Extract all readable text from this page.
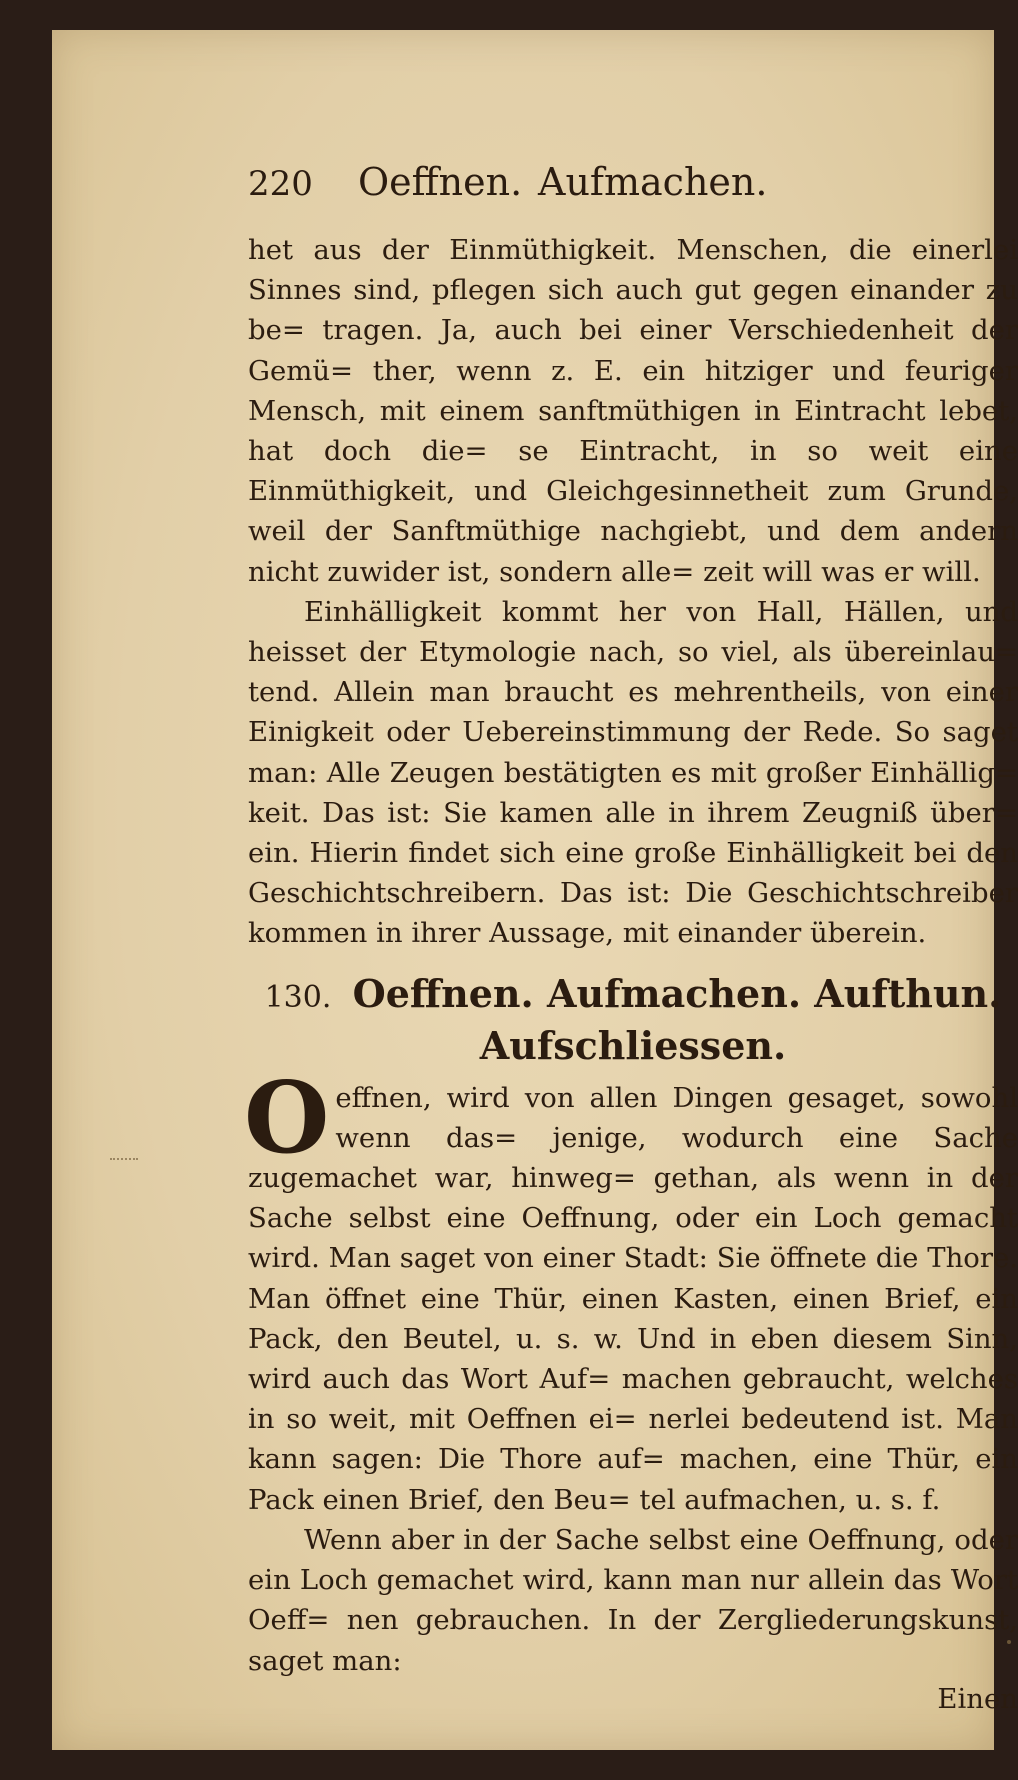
220	Oeffnen. Aufmachen.

het aus der Einmüthigkeit. Menschen, die einerlei Sinnes sind, pflegen sich auch gut gegen einander zu be= tragen. Ja, auch bei einer Verschiedenheit der Gemü= ther, wenn z. E. ein hitziger und feuriger Mensch, mit einem sanftmüthigen in Eintracht lebet, hat doch die= se Eintracht, in so weit eine Einmüthigkeit, und Gleichgesinnetheit zum Grunde, weil der Sanftmüthige nachgiebt, und dem andern nicht zuwider ist, sondern alle= zeit will was er will.

Einhälligkeit kommt her von Hall, Hällen, und heisset der Etymologie nach, so viel, als übereinlau= tend. Allein man braucht es mehrentheils, von einer Einigkeit oder Uebereinstimmung der Rede. So saget man: Alle Zeugen bestätigten es mit großer Einhällig= keit. Das ist: Sie kamen alle in ihrem Zeugniß über= ein. Hierin findet sich eine große Einhälligkeit bei den Geschichtschreibern. Das ist: Die Geschichtschreiber kommen in ihrer Aussage, mit einander überein.

130. Oeffnen. Aufmachen. Aufthun.
Aufschliessen.

O effnen, wird von allen Dingen gesaget, sowohl wenn das= jenige, wodurch eine Sache zugemachet war, hinweg= gethan, als wenn in der Sache selbst eine Oeffnung, oder ein Loch gemacht wird. Man saget von einer Stadt: Sie öffnete die Thore. Man öffnet eine Thür, einen Kasten, einen Brief, ein Pack, den Beutel, u. s. w. Und in eben diesem Sinn, wird auch das Wort Auf= machen gebraucht, welches in so weit, mit Oeffnen ei= nerlei bedeutend ist. Man kann sagen: Die Thore auf= machen, eine Thür, ein Pack einen Brief, den Beu= tel aufmachen, u. s. f.

Wenn aber in der Sache selbst eine Oeffnung, oder ein Loch gemachet wird, kann man nur allein das Wort Oeff= nen gebrauchen. In der Zergliederungskunst, saget man:

Einen
